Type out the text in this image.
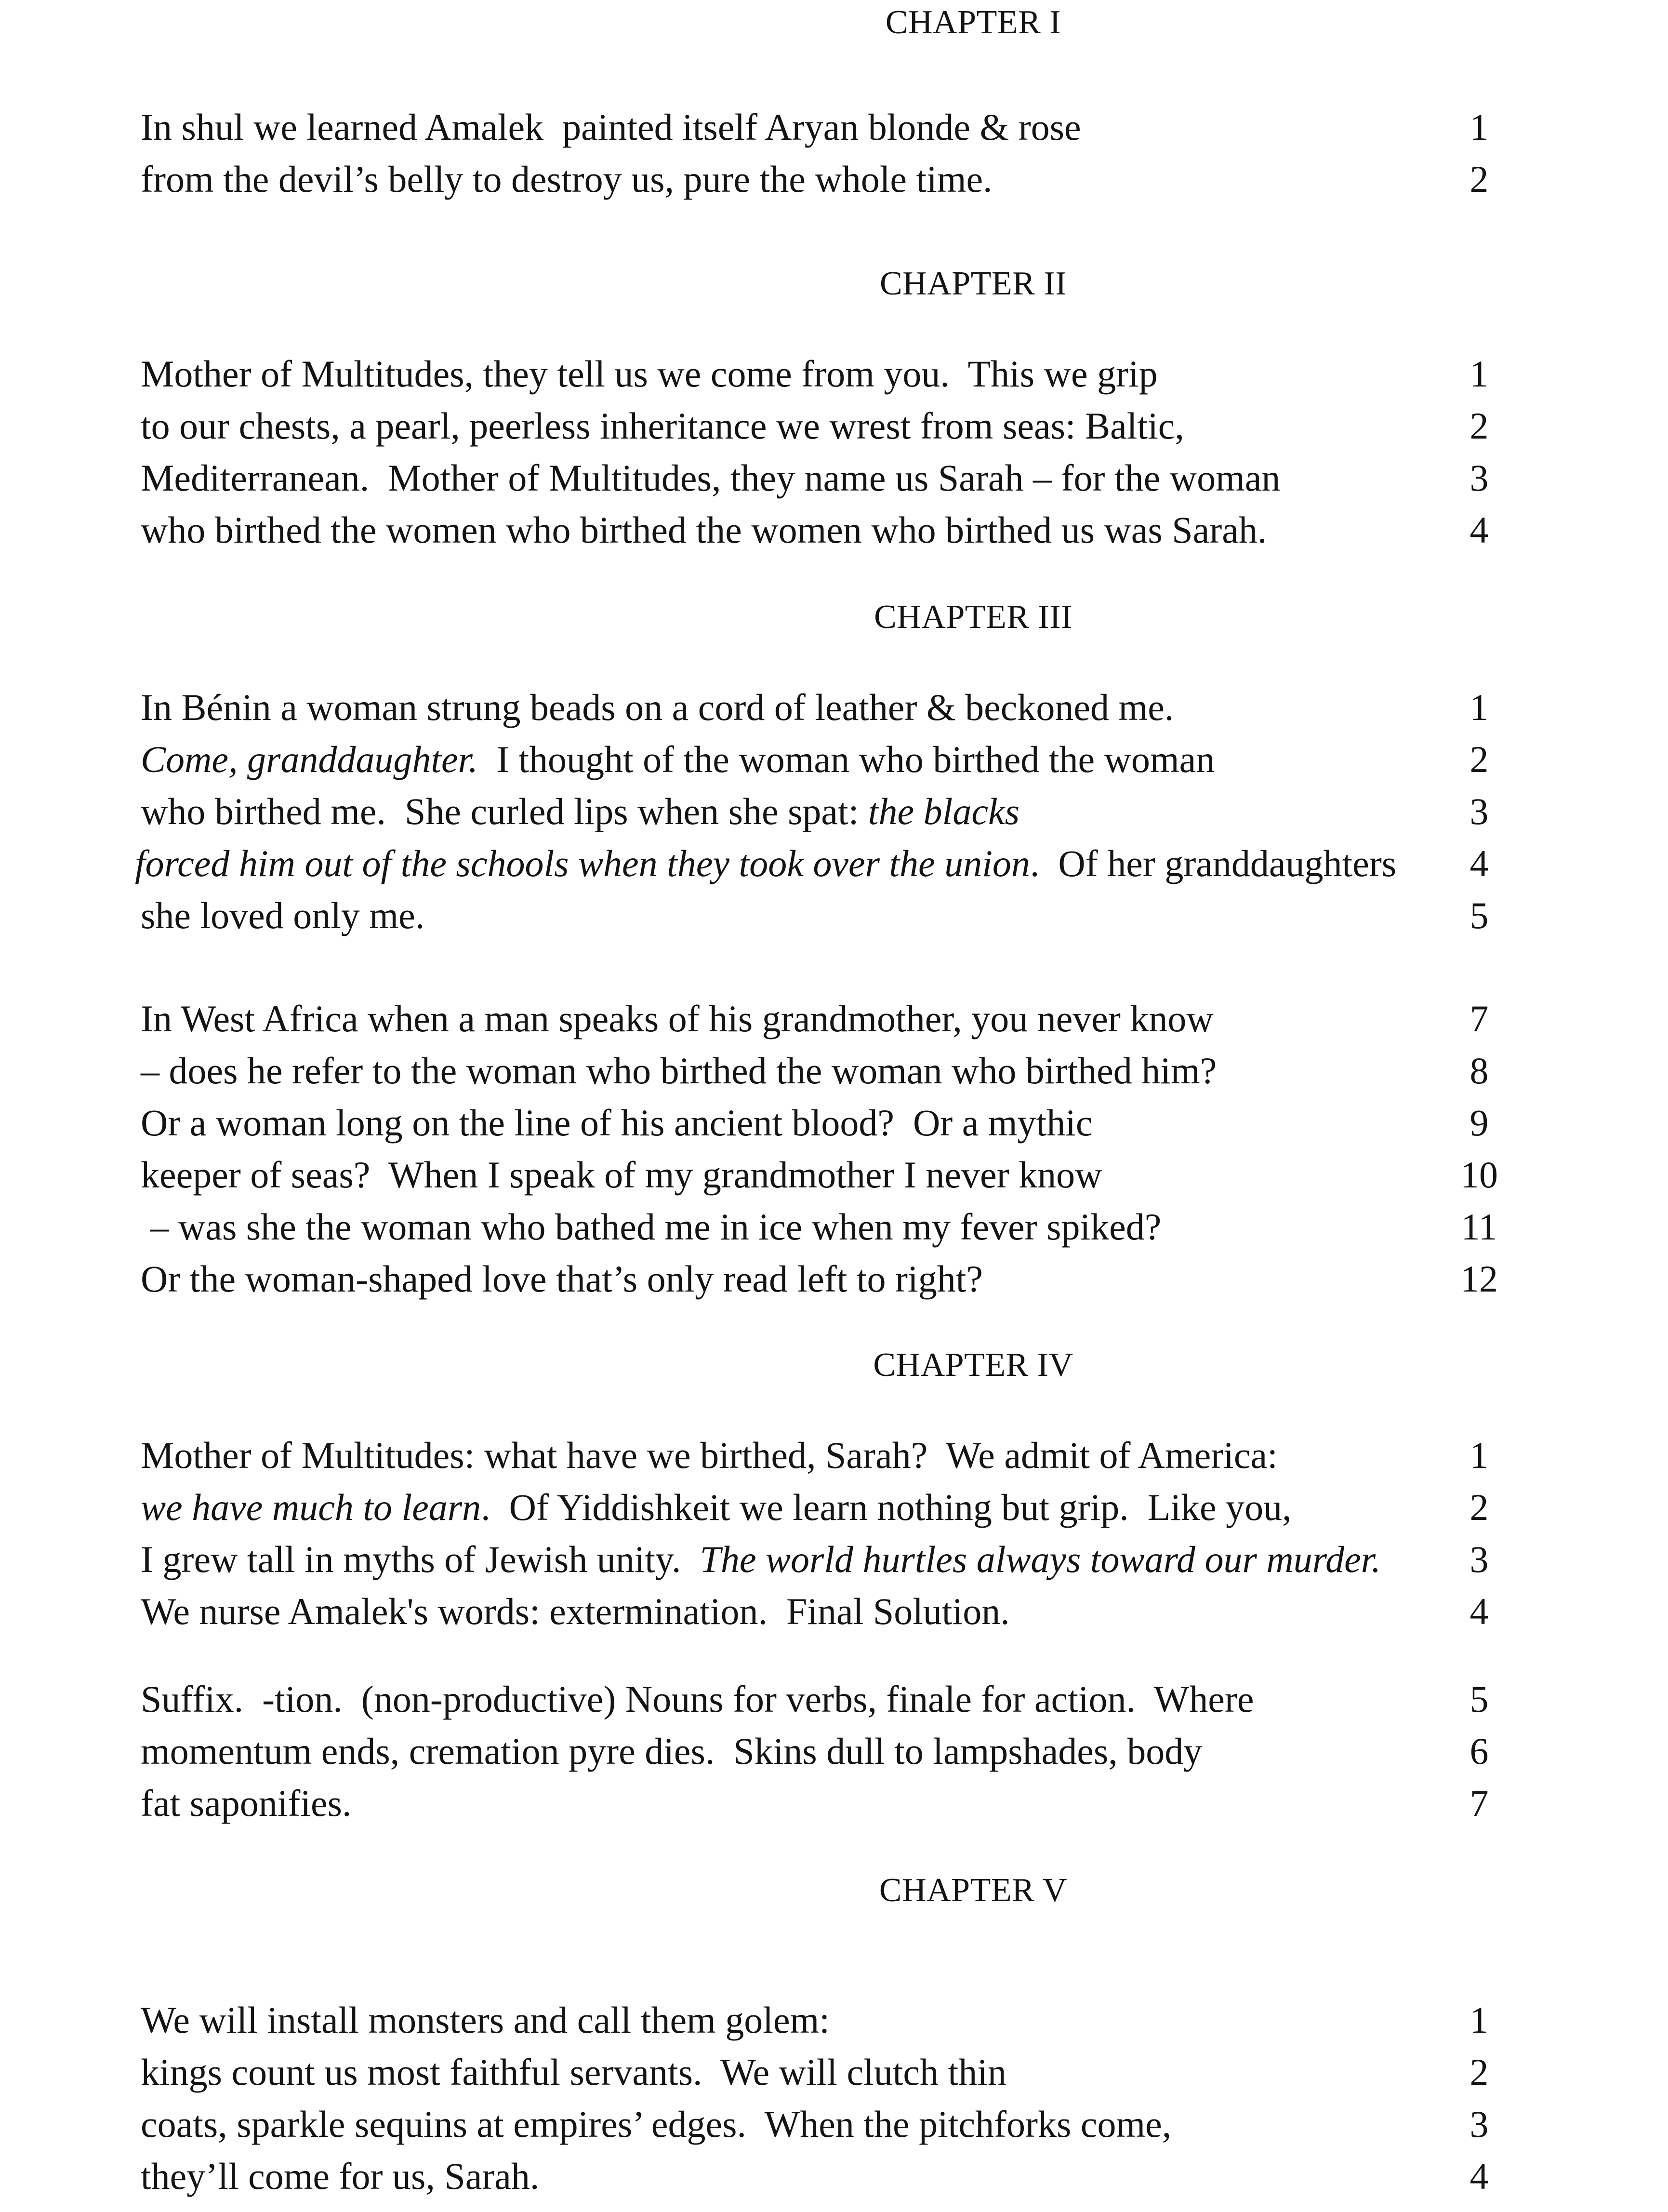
CHAPTER I
In shul we learned Amalek  painted itself Aryan blonde & rose	1
from the devil’s belly to destroy us, pure the whole time.	2
CHAPTER II
Mother of Multitudes, they tell us we come from you.  This we grip	1
to our chests, a pearl, peerless inheritance we wrest from seas: Baltic,	2
Mediterranean.  Mother of Multitudes, they name us Sarah – for the woman	3
who birthed the women who birthed the women who birthed us was Sarah.	4
CHAPTER III
In Bénin a woman strung beads on a cord of leather & beckoned me.	1
Come, granddaughter.  I thought of the woman who birthed the woman	2
who birthed me.  She curled lips when she spat: the blacks	3
forced him out of the schools when they took over the union.  Of her granddaughters	4
she loved only me.	5
In West Africa when a man speaks of his grandmother, you never know	7
– does he refer to the woman who birthed the woman who birthed him?	8
Or a woman long on the line of his ancient blood?  Or a mythic	9
keeper of seas?  When I speak of my grandmother I never know	10
– was she the woman who bathed me in ice when my fever spiked?	11
Or the woman-shaped love that’s only read left to right?	12
CHAPTER IV
Mother of Multitudes: what have we birthed, Sarah?  We admit of America:	1
we have much to learn.  Of Yiddishkeit we learn nothing but grip.  Like you,	2
I grew tall in myths of Jewish unity.  The world hurtles always toward our murder.	3
We nurse Amalek's words: extermination.  Final Solution.	4
Suffix.  -tion.  (non-productive) Nouns for verbs, finale for action.  Where	5
momentum ends, cremation pyre dies.  Skins dull to lampshades, body	6
fat saponifies.	7
CHAPTER V
We will install monsters and call them golem:	1
kings count us most faithful servants.  We will clutch thin	2
coats, sparkle sequins at empires’ edges.  When the pitchforks come,	3
they’ll come for us, Sarah.	4
